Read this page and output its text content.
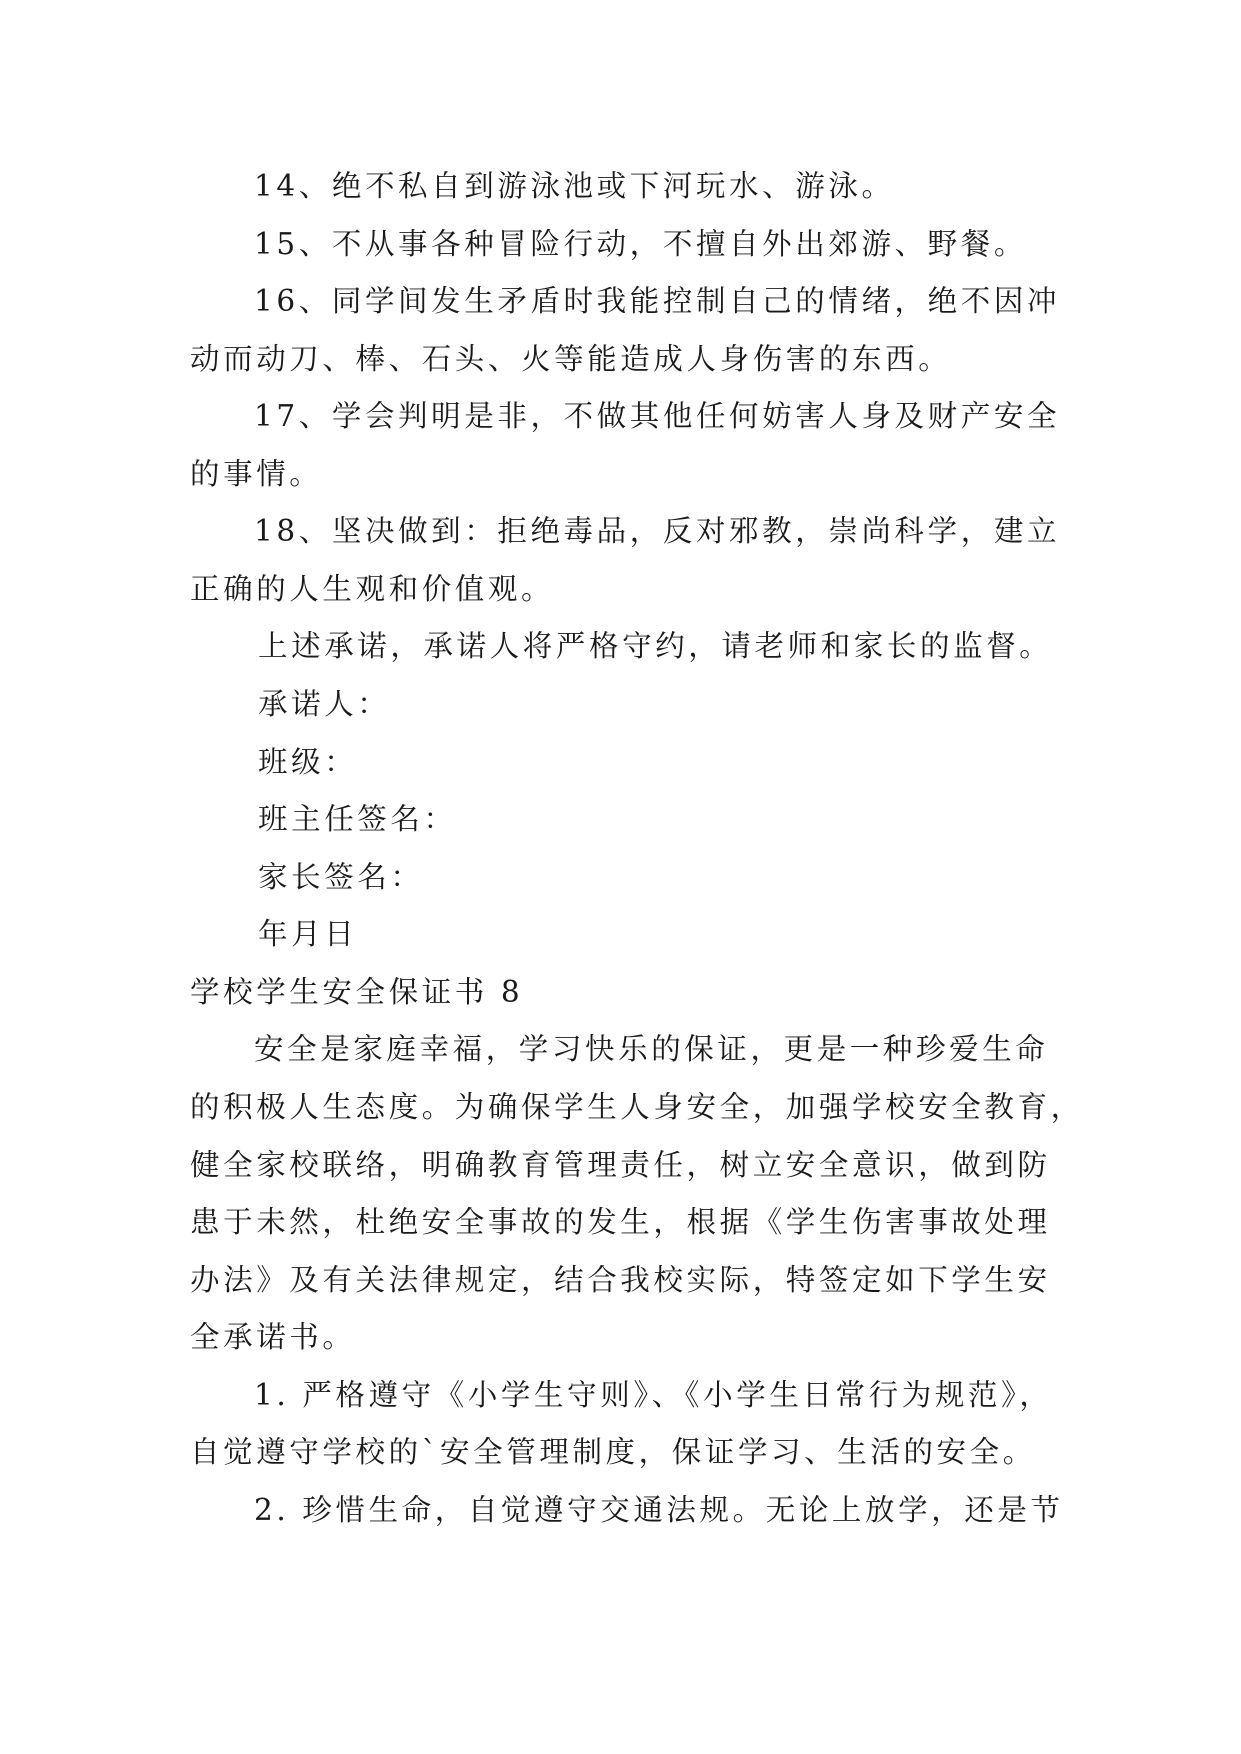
14、绝不私自到游泳池或下河玩水、游泳。
15、不从事各种冒险行动，不擅自外出郊游、野餐。
16、同学间发生矛盾时我能控制自己的情绪，绝不因冲
动而动刀、棒、石头、火等能造成人身伤害的东西。
17、学会判明是非，不做其他任何妨害人身及财产安全
的事情。
18、坚决做到：拒绝毒品，反对邪教，崇尚科学，建立
正确的人生观和价值观。
上述承诺，承诺人将严格守约，请老师和家长的监督。
承诺人：
班级：
班主任签名：
家长签名：
年月日
学校学生安全保证书 8
安全是家庭幸福，学习快乐的保证，更是一种珍爱生命
的积极人生态度。为确保学生人身安全，加强学校安全教育，
健全家校联络，明确教育管理责任，树立安全意识，做到防
患于未然，杜绝安全事故的发生，根据《学生伤害事故处理
办法》及有关法律规定，结合我校实际，特签定如下学生安
全承诺书。
1. 严格遵守《小学生守则》、《小学生日常行为规范》，
自觉遵守学校的`安全管理制度，保证学习、生活的安全。
2. 珍惜生命，自觉遵守交通法规。无论上放学，还是节
